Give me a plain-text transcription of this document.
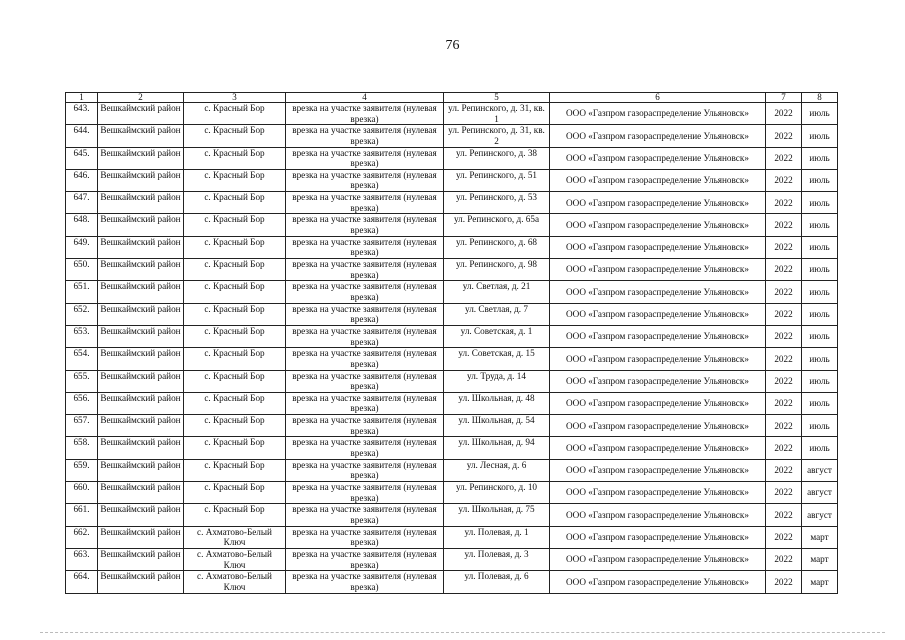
76
1	2	3	4	5	6	7	8
643.	Вешкаймский район	с. Красный Бор	врезка на участке заявителя (нулевая врезка)	ул. Репинского, д. 31, кв. 1	ООО «Газпром газораспределение Ульяновск»	2022	июль
644.	Вешкаймский район	с. Красный Бор	врезка на участке заявителя (нулевая врезка)	ул. Репинского, д. 31, кв. 2	ООО «Газпром газораспределение Ульяновск»	2022	июль
645.	Вешкаймский район	с. Красный Бор	врезка на участке заявителя (нулевая врезка)	ул. Репинского, д. 38	ООО «Газпром газораспределение Ульяновск»	2022	июль
646.	Вешкаймский район	с. Красный Бор	врезка на участке заявителя (нулевая врезка)	ул. Репинского, д. 51	ООО «Газпром газораспределение Ульяновск»	2022	июль
647.	Вешкаймский район	с. Красный Бор	врезка на участке заявителя (нулевая врезка)	ул. Репинского, д. 53	ООО «Газпром газораспределение Ульяновск»	2022	июль
648.	Вешкаймский район	с. Красный Бор	врезка на участке заявителя (нулевая врезка)	ул. Репинского, д. 65а	ООО «Газпром газораспределение Ульяновск»	2022	июль
649.	Вешкаймский район	с. Красный Бор	врезка на участке заявителя (нулевая врезка)	ул. Репинского, д. 68	ООО «Газпром газораспределение Ульяновск»	2022	июль
650.	Вешкаймский район	с. Красный Бор	врезка на участке заявителя (нулевая врезка)	ул. Репинского, д. 98	ООО «Газпром газораспределение Ульяновск»	2022	июль
651.	Вешкаймский район	с. Красный Бор	врезка на участке заявителя (нулевая врезка)	ул. Светлая, д. 21	ООО «Газпром газораспределение Ульяновск»	2022	июль
652.	Вешкаймский район	с. Красный Бор	врезка на участке заявителя (нулевая врезка)	ул. Светлая, д. 7	ООО «Газпром газораспределение Ульяновск»	2022	июль
653.	Вешкаймский район	с. Красный Бор	врезка на участке заявителя (нулевая врезка)	ул. Советская, д. 1	ООО «Газпром газораспределение Ульяновск»	2022	июль
654.	Вешкаймский район	с. Красный Бор	врезка на участке заявителя (нулевая врезка)	ул. Советская, д. 15	ООО «Газпром газораспределение Ульяновск»	2022	июль
655.	Вешкаймский район	с. Красный Бор	врезка на участке заявителя (нулевая врезка)	ул. Труда, д. 14	ООО «Газпром газораспределение Ульяновск»	2022	июль
656.	Вешкаймский район	с. Красный Бор	врезка на участке заявителя (нулевая врезка)	ул. Школьная, д. 48	ООО «Газпром газораспределение Ульяновск»	2022	июль
657.	Вешкаймский район	с. Красный Бор	врезка на участке заявителя (нулевая врезка)	ул. Школьная, д. 54	ООО «Газпром газораспределение Ульяновск»	2022	июль
658.	Вешкаймский район	с. Красный Бор	врезка на участке заявителя (нулевая врезка)	ул. Школьная, д. 94	ООО «Газпром газораспределение Ульяновск»	2022	июль
659.	Вешкаймский район	с. Красный Бор	врезка на участке заявителя (нулевая врезка)	ул. Лесная, д. 6	ООО «Газпром газораспределение Ульяновск»	2022	август
660.	Вешкаймский район	с. Красный Бор	врезка на участке заявителя (нулевая врезка)	ул. Репинского, д. 10	ООО «Газпром газораспределение Ульяновск»	2022	август
661.	Вешкаймский район	с. Красный Бор	врезка на участке заявителя (нулевая врезка)	ул. Школьная, д. 75	ООО «Газпром газораспределение Ульяновск»	2022	август
662.	Вешкаймский район	с. Ахматово-Белый Ключ	врезка на участке заявителя (нулевая врезка)	ул. Полевая, д. 1	ООО «Газпром газораспределение Ульяновск»	2022	март
663.	Вешкаймский район	с. Ахматово-Белый Ключ	врезка на участке заявителя (нулевая врезка)	ул. Полевая, д. 3	ООО «Газпром газораспределение Ульяновск»	2022	март
664.	Вешкаймский район	с. Ахматово-Белый Ключ	врезка на участке заявителя (нулевая врезка)	ул. Полевая, д. 6	ООО «Газпром газораспределение Ульяновск»	2022	март
